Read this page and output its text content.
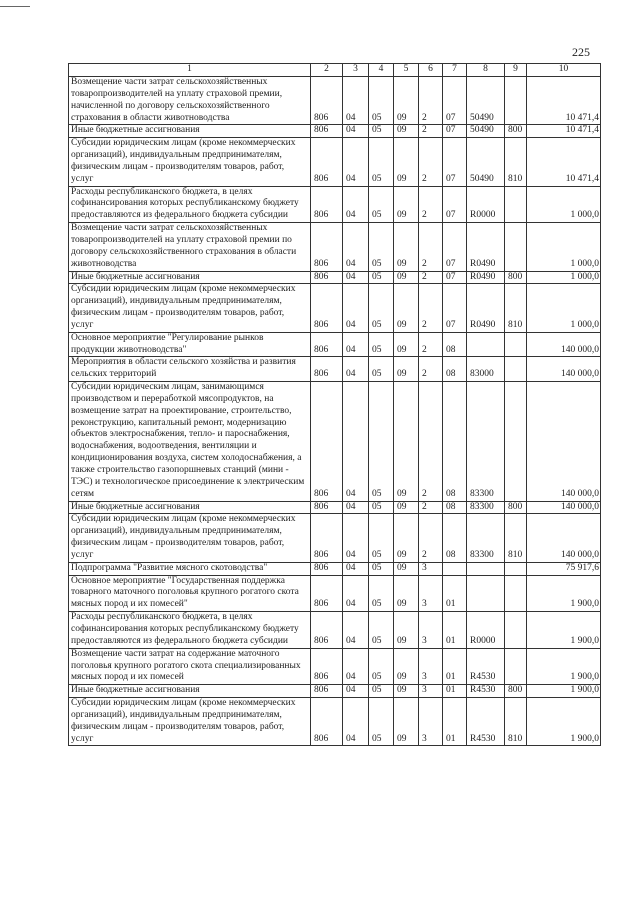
225
1	2	3	4	5	6	7	8	9	10
Возмещение части затрат сельскохозяйственных товаропроизводителей на уплату страховой премии, начисленной по договору сельскохозяйственного страхования в области животноводства	806	04	05	09	2	07	50490		10 471,4
Иные бюджетные ассигнования	806	04	05	09	2	07	50490	800	10 471,4
Субсидии юридическим лицам (кроме некоммерческих организаций), индивидуальным предпринимателям, физическим лицам - производителям товаров, работ, услуг	806	04	05	09	2	07	50490	810	10 471,4
Расходы республиканского бюджета, в целях софинансирования которых республиканскому бюджету предоставляются из федерального бюджета субсидии	806	04	05	09	2	07	R0000		1 000,0
Возмещение части затрат сельскохозяйственных товаропроизводителей на уплату страховой премии по договору сельскохозяйственного страхования в области животноводства	806	04	05	09	2	07	R0490		1 000,0
Иные бюджетные ассигнования	806	04	05	09	2	07	R0490	800	1 000,0
Субсидии юридическим лицам (кроме некоммерческих организаций), индивидуальным предпринимателям, физическим лицам - производителям товаров, работ, услуг	806	04	05	09	2	07	R0490	810	1 000,0
Основное мероприятие "Регулирование рынков продукции животноводства"	806	04	05	09	2	08			140 000,0
Мероприятия в области сельского хозяйства и развития сельских территорий	806	04	05	09	2	08	83000		140 000,0
Субсидии юридическим лицам, занимающимся производством и переработкой мясопродуктов, на возмещение затрат на проектирование, строительство, реконструкцию, капитальный ремонт, модернизацию объектов электроснабжения, тепло- и пароснабжения, водоснабжения, водоотведения, вентиляции и кондиционирования воздуха, систем холодоснабжения, а также строительство газопоршневых станций (мини - ТЭС) и технологическое присоединение к электрическим сетям	806	04	05	09	2	08	83300		140 000,0
Иные бюджетные ассигнования	806	04	05	09	2	08	83300	800	140 000,0
Субсидии юридическим лицам (кроме некоммерческих организаций), индивидуальным предпринимателям, физическим лицам - производителям товаров, работ, услуг	806	04	05	09	2	08	83300	810	140 000,0
Подпрограмма "Развитие мясного скотоводства"	806	04	05	09	3				75 917,6
Основное мероприятие "Государственная поддержка товарного маточного поголовья крупного рогатого скота мясных пород и их помесей"	806	04	05	09	3	01			1 900,0
Расходы республиканского бюджета, в целях софинансирования которых республиканскому бюджету предоставляются из федерального бюджета субсидии	806	04	05	09	3	01	R0000		1 900,0
Возмещение части затрат на содержание маточного поголовья крупного рогатого скота специализированных мясных пород и их помесей	806	04	05	09	3	01	R4530		1 900,0
Иные бюджетные ассигнования	806	04	05	09	3	01	R4530	800	1 900,0
Субсидии юридическим лицам (кроме некоммерческих организаций), индивидуальным предпринимателям, физическим лицам - производителям товаров, работ, услуг	806	04	05	09	3	01	R4530	810	1 900,0
